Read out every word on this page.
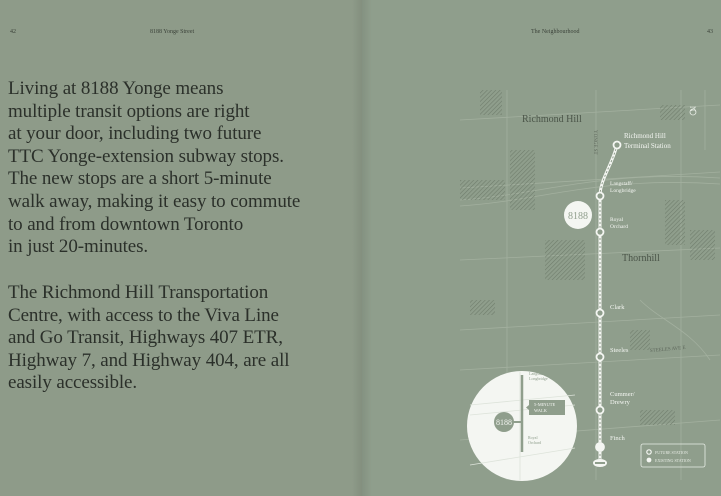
42	8188 Yonge Street
Living at 8188 Yonge means
multiple transit options are right
at your door, including two future
TTC Yonge-extension subway stops.
The new stops are a short 5-minute
walk away, making it easy to commute
to and from downtown Toronto
in just 20-minutes.
The Richmond Hill Transportation
Centre, with access to the Viva Line
and Go Transit, Highways 407 ETR,
Highway 7, and Highway 404, are all
easily accessible.
The Neighbourhood	43
Richmond Hill
Thornhill
YONGE ST
STEELES AVE E
N
Richmond Hill
Terminal Station
Langstaff/
Longbridge
Royal
Orchard
Clark
Steeles
Cummer/
Drewry
Finch
8188
8188
5-MINUTE
WALK
Langstaff/
Longbridge
Royal
Orchard
FUTURE STATION
EXISTING STATION
